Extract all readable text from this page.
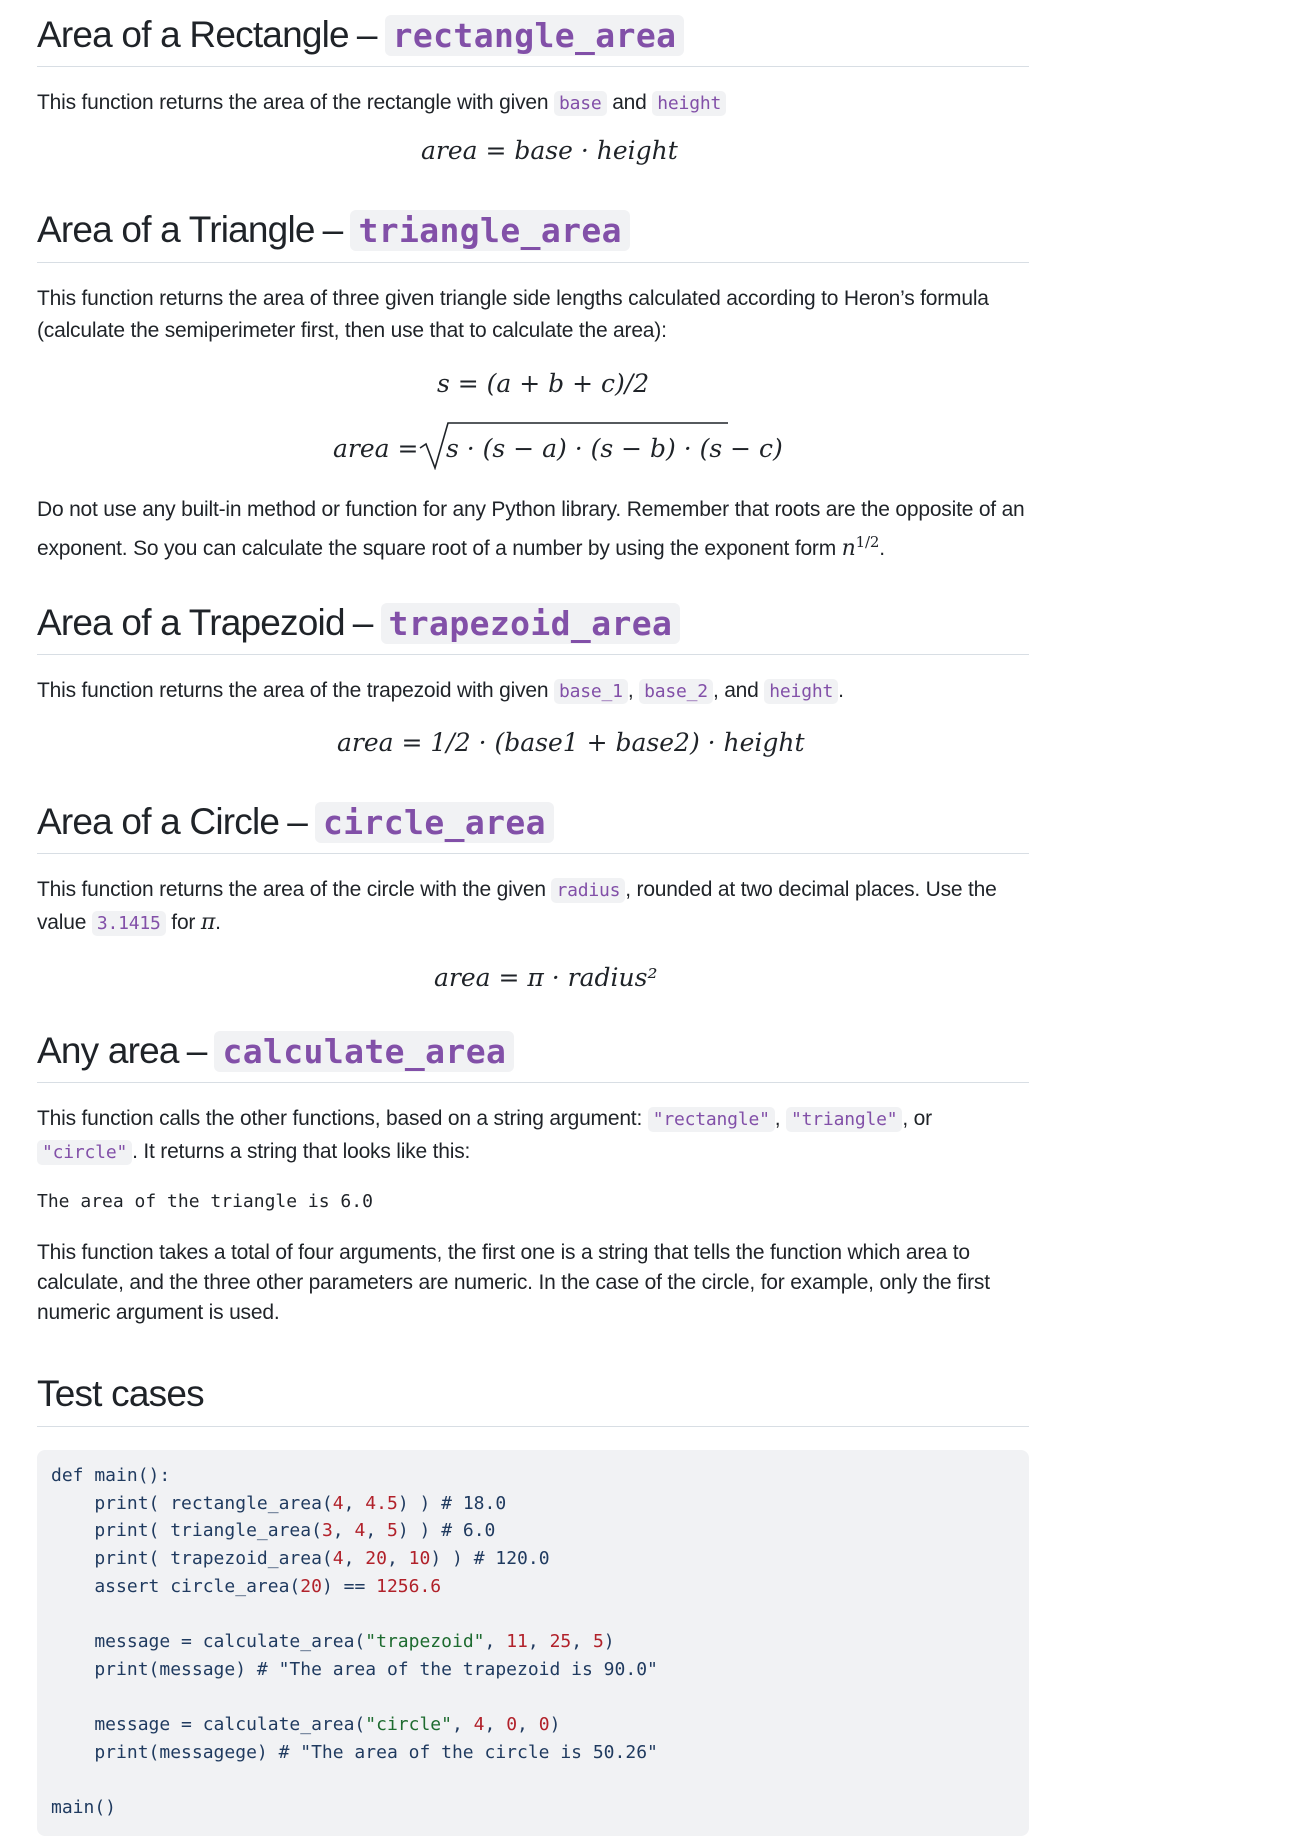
Area of a Rectangle – rectangle_area
This function returns the area of the rectangle with given base and height
area = base · height
Area of a Triangle – triangle_area
This function returns the area of three given triangle side lengths calculated according to Heron’s formula (calculate the semiperimeter first, then use that to calculate the area):
s = (a + b + c)/2
area = s · (s − a) · (s − b) · (s − c)
Do not use any built-in method or function for any Python library. Remember that roots are the opposite of an exponent. So you can calculate the square root of a number by using the exponent form $n^{1/2}$.
Area of a Trapezoid – trapezoid_area
This function returns the area of the trapezoid with given base_1 , base_2 , and height .
area = 1/2 · (base1 + base2) · height
Area of a Circle – circle_area
This function returns the area of the circle with the given radius , rounded at two decimal places. Use the value 3.1415 for π.
area = π · radius²
Any area – calculate_area
This function calls the other functions, based on a string argument: "rectangle" , "triangle" , or "circle" . It returns a string that looks like this:
The area of the triangle is 6.0
This function takes a total of four arguments, the first one is a string that tells the function which area to calculate, and the three other parameters are numeric. In the case of the circle, for example, only the first numeric argument is used.
Test cases
def main():
print( rectangle_area(4, 4.5) ) # 18.0
print( triangle_area(3, 4, 5) ) # 6.0
print( trapezoid_area(4, 20, 10) ) # 120.0
assert circle_area(20) == 1256.6

message = calculate_area("trapezoid", 11, 25, 5)
print(message) # "The area of the trapezoid is 90.0"

message = calculate_area("circle", 4, 0, 0)
print(messagege) # "The area of the circle is 50.26"

main()
